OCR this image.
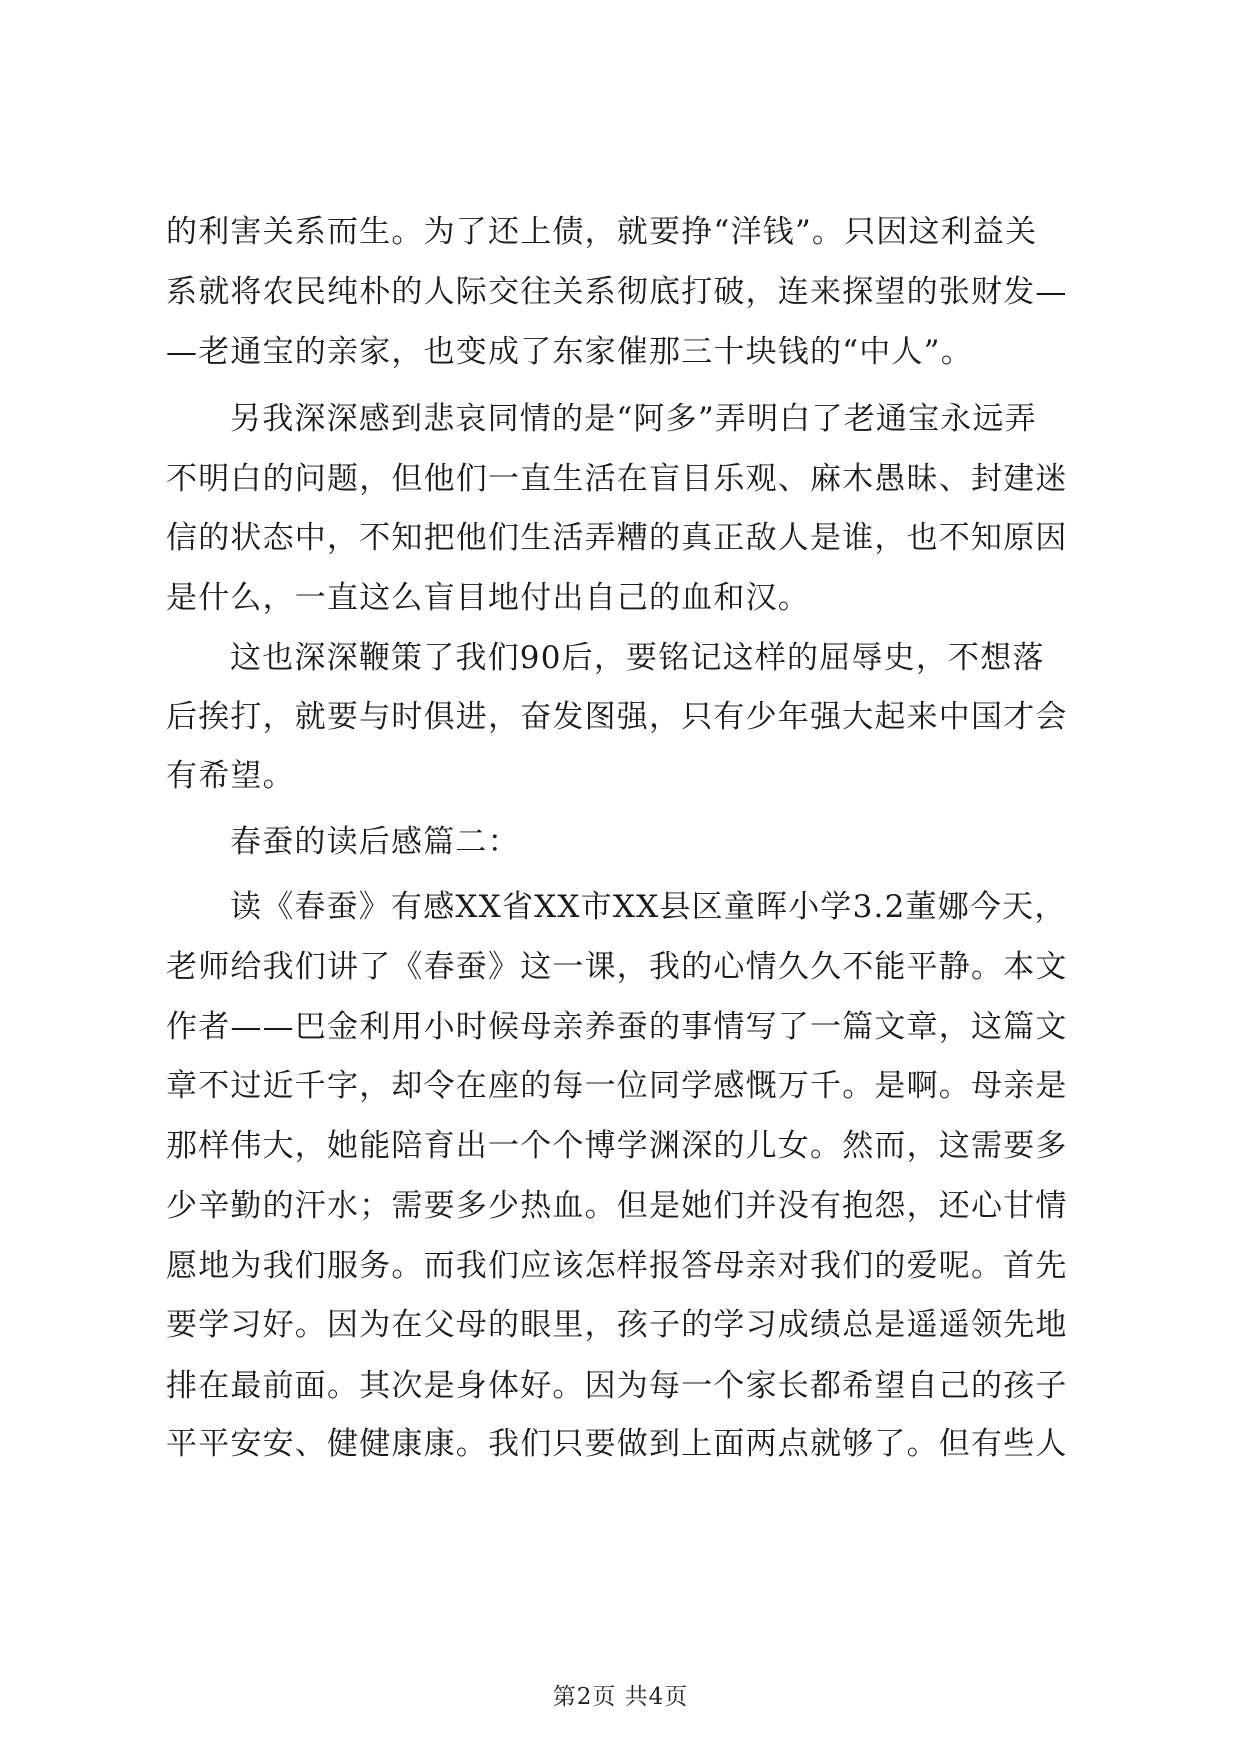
的利害关系而生。为了还上债，就要挣“洋钱”。只因这利益关
系就将农民纯朴的人际交往关系彻底打破，连来探望的张财发—
—老通宝的亲家，也变成了东家催那三十块钱的“中人”。
另我深深感到悲哀同情的是“阿多”弄明白了老通宝永远弄
不明白的问题，但他们一直生活在盲目乐观、麻木愚昧、封建迷
信的状态中，不知把他们生活弄糟的真正敌人是谁，也不知原因
是什么，一直这么盲目地付出自己的血和汉。
这也深深鞭策了我们90后，要铭记这样的屈辱史，不想落
后挨打，就要与时俱进，奋发图强，只有少年强大起来中国才会
有希望。
春蚕的读后感篇二：
读《春蚕》有感XX省XX市XX县区童晖小学3.2董娜今天，
老师给我们讲了《春蚕》这一课，我的心情久久不能平静。本文
作者——巴金利用小时候母亲养蚕的事情写了一篇文章，这篇文
章不过近千字，却令在座的每一位同学感慨万千。是啊。母亲是
那样伟大，她能陪育出一个个博学渊深的儿女。然而，这需要多
少辛勤的汗水；需要多少热血。但是她们并没有抱怨，还心甘情
愿地为我们服务。而我们应该怎样报答母亲对我们的爱呢。首先
要学习好。因为在父母的眼里，孩子的学习成绩总是遥遥领先地
排在最前面。其次是身体好。因为每一个家长都希望自己的孩子
平平安安、健健康康。我们只要做到上面两点就够了。但有些人
第2页 共4页
